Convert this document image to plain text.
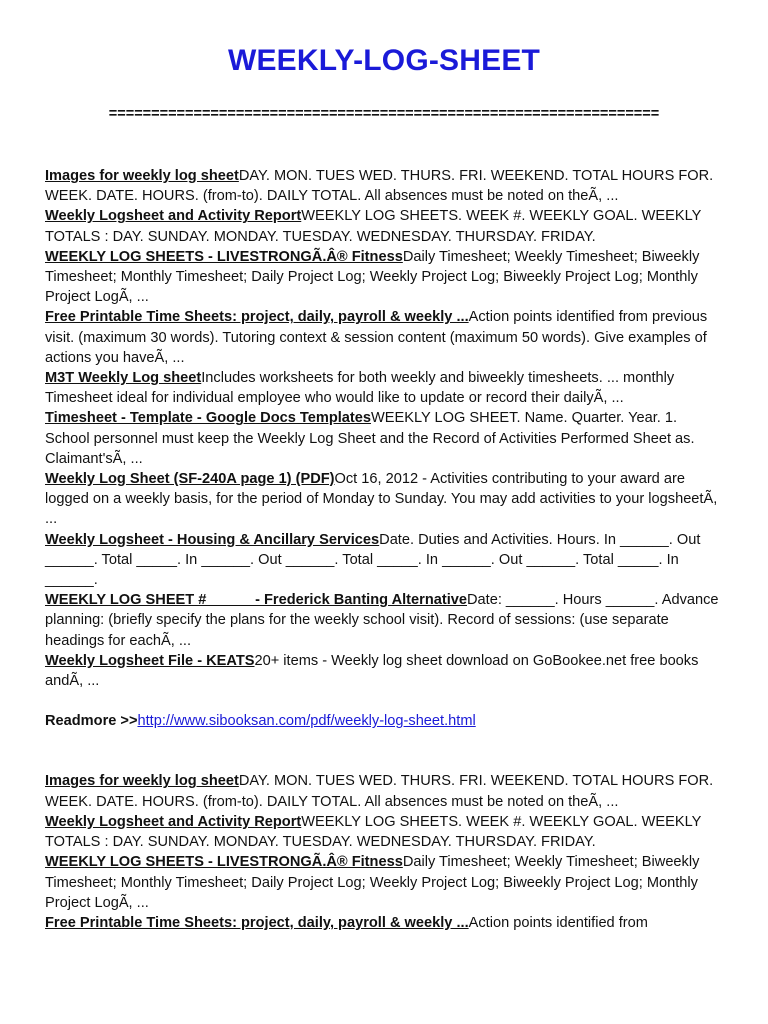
WEEKLY-LOG-SHEET
=================================================================

Images for weekly log sheetDAY. MON. TUES WED. THURS. FRI. WEEKEND. TOTAL HOURS FOR. WEEK. DATE. HOURS. (from-to). DAILY TOTAL. All absences must be noted on theÃ, ...

Weekly Logsheet and Activity ReportWEEKLY LOG SHEETS. WEEK #. WEEKLY GOAL. WEEKLY TOTALS : DAY. SUNDAY. MONDAY. TUESDAY. WEDNESDAY. THURSDAY. FRIDAY.

WEEKLY LOG SHEETS - LIVESTRONGÃ.Â® FitnessDaily Timesheet; Weekly Timesheet; Biweekly Timesheet; Monthly Timesheet; Daily Project Log; Weekly Project Log; Biweekly Project Log; Monthly Project LogÃ, ...

Free Printable Time Sheets: project, daily, payroll & weekly ...Action points identified from previous visit. (maximum 30 words). Tutoring context & session content (maximum 50 words). Give examples of actions you haveÃ, ...

M3T Weekly Log sheetIncludes worksheets for both weekly and biweekly timesheets. ... monthly Timesheet ideal for individual employee who would like to update or record their dailyÃ, ...

Timesheet - Template - Google Docs TemplatesWEEKLY LOG SHEET. Name. Quarter. Year. 1. School personnel must keep the Weekly Log Sheet and the Record of Activities Performed Sheet as. Claimant'sÃ, ...

Weekly Log Sheet (SF-240A page 1) (PDF)Oct 16, 2012 - Activities contributing to your award are logged on a weekly basis, for the period of Monday to Sunday. You may add activities to your logsheetÃ, ...

Weekly Logsheet - Housing & Ancillary ServicesDate. Duties and Activities. Hours. In ______. Out ______. Total _____. In ______. Out ______. Total _____. In ______. Out ______. Total _____. In ______.

WEEKLY LOG SHEET # _____ - Frederick Banting AlternativeDate: ______. Hours ______. Advance planning: (briefly specify the plans for the weekly school visit). Record of sessions: (use separate headings for eachÃ, ...

Weekly Logsheet File - KEATS20+ items - Weekly log sheet download on GoBookee.net free books andÃ, ...

Readmore >>http://www.sibooksan.com/pdf/weekly-log-sheet.html

Images for weekly log sheetDAY. MON. TUES WED. THURS. FRI. WEEKEND. TOTAL HOURS FOR. WEEK. DATE. HOURS. (from-to). DAILY TOTAL. All absences must be noted on theÃ, ...

Weekly Logsheet and Activity ReportWEEKLY LOG SHEETS. WEEK #. WEEKLY GOAL. WEEKLY TOTALS : DAY. SUNDAY. MONDAY. TUESDAY. WEDNESDAY. THURSDAY. FRIDAY.

WEEKLY LOG SHEETS - LIVESTRONGÃ.Â® FitnessDaily Timesheet; Weekly Timesheet; Biweekly Timesheet; Monthly Timesheet; Daily Project Log; Weekly Project Log; Biweekly Project Log; Monthly Project LogÃ, ...

Free Printable Time Sheets: project, daily, payroll & weekly ...Action points identified from
